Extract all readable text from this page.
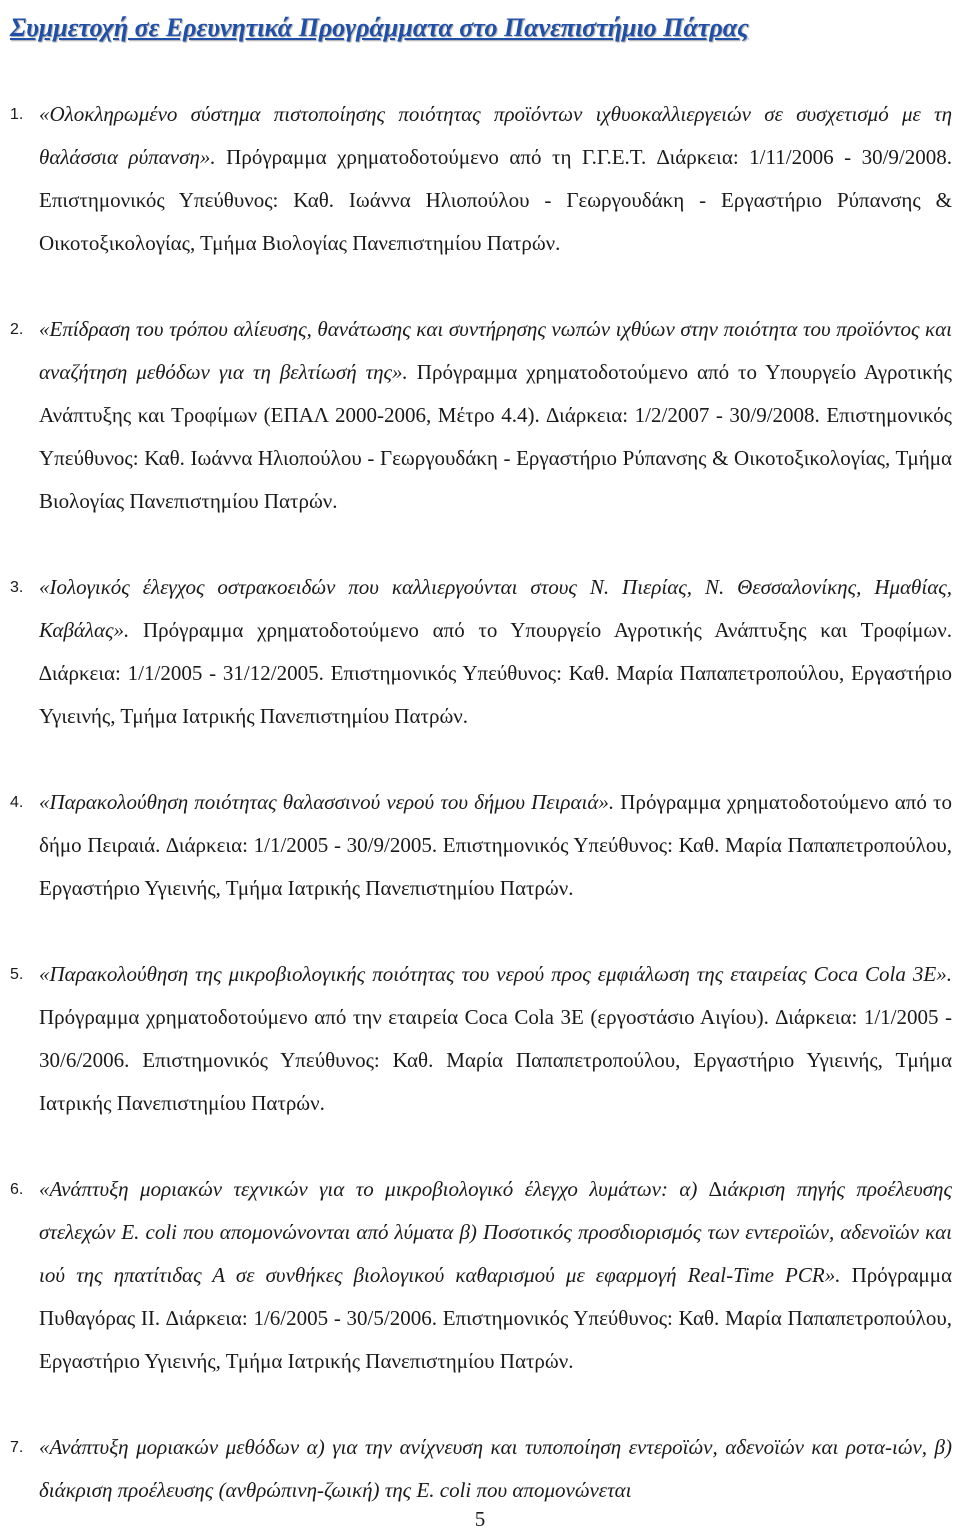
Συμμετοχή σε Ερευνητικά Προγράμματα στο Πανεπιστήμιο Πάτρας
1. «Ολοκληρωμένο σύστημα πιστοποίησης ποιότητας προϊόντων ιχθυοκαλλιεργειών σε συσχετισμό με τη θαλάσσια ρύπανση». Πρόγραμμα χρηματοδοτούμενο από τη Γ.Γ.Ε.Τ. ∆ιάρκεια: 1/11/2006 - 30/9/2008. Επιστημονικός Υπεύθυνος: Καθ. Ιωάννα Ηλιοπούλου - Γεωργουδάκη - Εργαστήριο Ρύπανσης & Οικοτοξικολογίας, Τμήμα Βιολογίας Πανεπιστημίου Πατρών.
2. «Επίδραση του τρόπου αλίευσης, θανάτωσης και συντήρησης νωπών ιχθύων στην ποιότητα του προϊόντος και αναζήτηση μεθόδων για τη βελτίωσή της». Πρόγραμμα χρηματοδοτούμενο από το Υπουργείο Αγροτικής Ανάπτυξης και Τροφίμων (ΕΠΑΛ 2000-2006, Μέτρο 4.4). ∆ιάρκεια: 1/2/2007 - 30/9/2008. Επιστημονικός Υπεύθυνος: Καθ. Ιωάννα Ηλιοπούλου - Γεωργουδάκη - Εργαστήριο Ρύπανσης & Οικοτοξικολογίας, Τμήμα Βιολογίας Πανεπιστημίου Πατρών.
3. «Ιολογικός έλεγχος οστρακοειδών που καλλιεργούνται στους Ν. Πιερίας, Ν. Θεσσαλονίκης, Ημαθίας, Καβάλας». Πρόγραμμα χρηματοδοτούμενο από το Υπουργείο Αγροτικής Ανάπτυξης και Τροφίμων. ∆ιάρκεια: 1/1/2005 - 31/12/2005. Επιστημονικός Υπεύθυνος: Καθ. Μαρία Παπαπετροπούλου, Εργαστήριο Υγιεινής, Τμήμα Ιατρικής Πανεπιστημίου Πατρών.
4. «Παρακολούθηση ποιότητας θαλασσινού νερού του δήμου Πειραιά». Πρόγραμμα χρηματοδοτούμενο από το δήμο Πειραιά. ∆ιάρκεια: 1/1/2005 - 30/9/2005. Επιστημονικός Υπεύθυνος: Καθ. Μαρία Παπαπετροπούλου, Εργαστήριο Υγιεινής, Τμήμα Ιατρικής Πανεπιστημίου Πατρών.
5. «Παρακολούθηση της μικροβιολογικής ποιότητας του νερού προς εμφιάλωση της εταιρείας Coca Cola 3E». Πρόγραμμα χρηματοδοτούμενο από την εταιρεία Coca Cola 3E (εργοστάσιο Αιγίου). ∆ιάρκεια: 1/1/2005 - 30/6/2006. Επιστημονικός Υπεύθυνος: Καθ. Μαρία Παπαπετροπούλου, Εργαστήριο Υγιεινής, Τμήμα Ιατρικής Πανεπιστημίου Πατρών.
6. «Ανάπτυξη μοριακών τεχνικών για το μικροβιολογικό έλεγχο λυμάτων: α) ∆ιάκριση πηγής προέλευσης στελεχών E. coli που απομονώνονται από λύματα β) Ποσοτικός προσδιορισμός των εντεροϊών, αδενοϊών και ιού της ηπατίτιδας Α σε συνθήκες βιολογικού καθαρισμού με εφαρμογή Real-Time PCR». Πρόγραμμα Πυθαγόρας ΙΙ. ∆ιάρκεια: 1/6/2005 - 30/5/2006. Επιστημονικός Υπεύθυνος: Καθ. Μαρία Παπαπετροπούλου, Εργαστήριο Υγιεινής, Τμήμα Ιατρικής Πανεπιστημίου Πατρών.
7. «Ανάπτυξη μοριακών μεθόδων α) για την ανίχνευση και τυποποίηση εντεροϊών, αδενοϊών και ροτα-ιών, β) διάκριση προέλευσης (ανθρώπινη-ζωική) της E. coli που απομονώνεται
5
